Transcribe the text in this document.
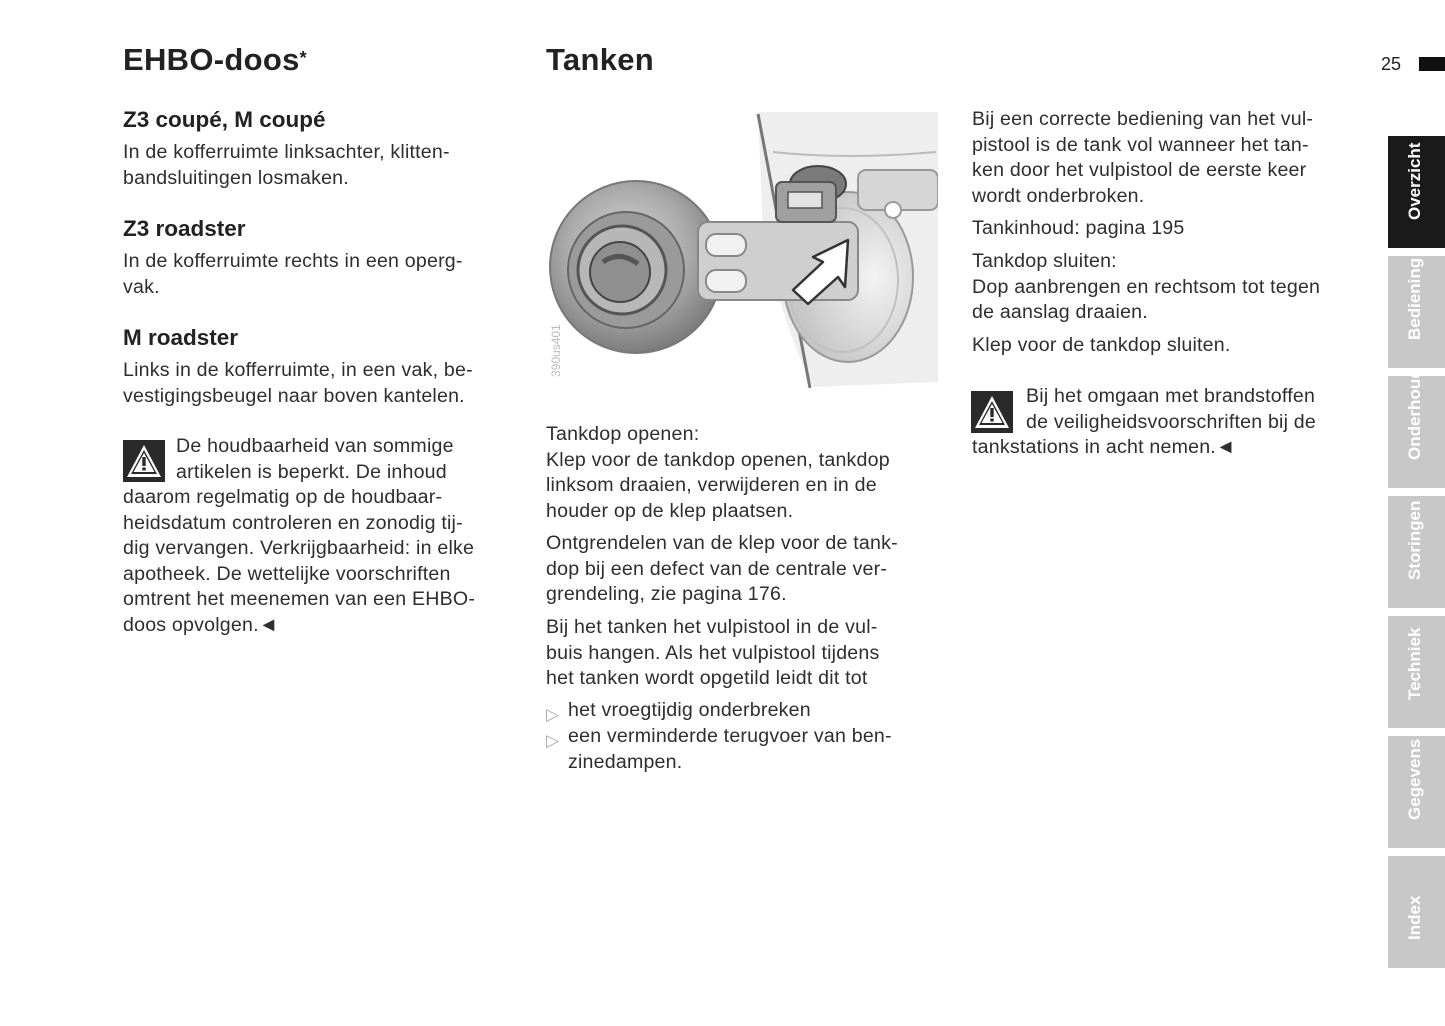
25
EHBO-doos*
Z3 coupé, M coupé
In de kofferruimte linksachter, klitten-
bandsluitingen losmaken.
Z3 roadster
In de kofferruimte rechts in een operg-
vak.
M roadster
Links in de kofferruimte, in een vak, be-
vestigingsbeugel naar boven kantelen.
De houdbaarheid van sommige
artikelen is beperkt. De inhoud
daarom regelmatig op de houdbaar-
heidsdatum controleren en zonodig tij-
dig vervangen. Verkrijgbaarheid: in elke
apotheek. De wettelijke voorschriften
omtrent het meenemen van een EHBO-
doos opvolgen.◄
Tanken
390us401
Tankdop openen:
Klep voor de tankdop openen, tankdop
linksom draaien, verwijderen en in de
houder op de klep plaatsen.
Ontgrendelen van de klep voor de tank-
dop bij een defect van de centrale ver-
grendeling, zie pagina 176.
Bij het tanken het vulpistool in de vul-
buis hangen. Als het vulpistool tijdens
het tanken wordt opgetild leidt dit tot
▷ het vroegtijdig onderbreken
▷ een verminderde terugvoer van ben-
zinedampen.
Bij een correcte bediening van het vul-
pistool is de tank vol wanneer het tan-
ken door het vulpistool de eerste keer
wordt onderbroken.
Tankinhoud: pagina 195
Tankdop sluiten:
Dop aanbrengen en rechtsom tot tegen
de aanslag draaien.
Klep voor de tankdop sluiten.
Bij het omgaan met brandstoffen
de veiligheidsvoorschriften bij de
tankstations in acht nemen.◄
Overzicht
Bediening
Onderhoud
Storingen
Techniek
Gegevens
Index
